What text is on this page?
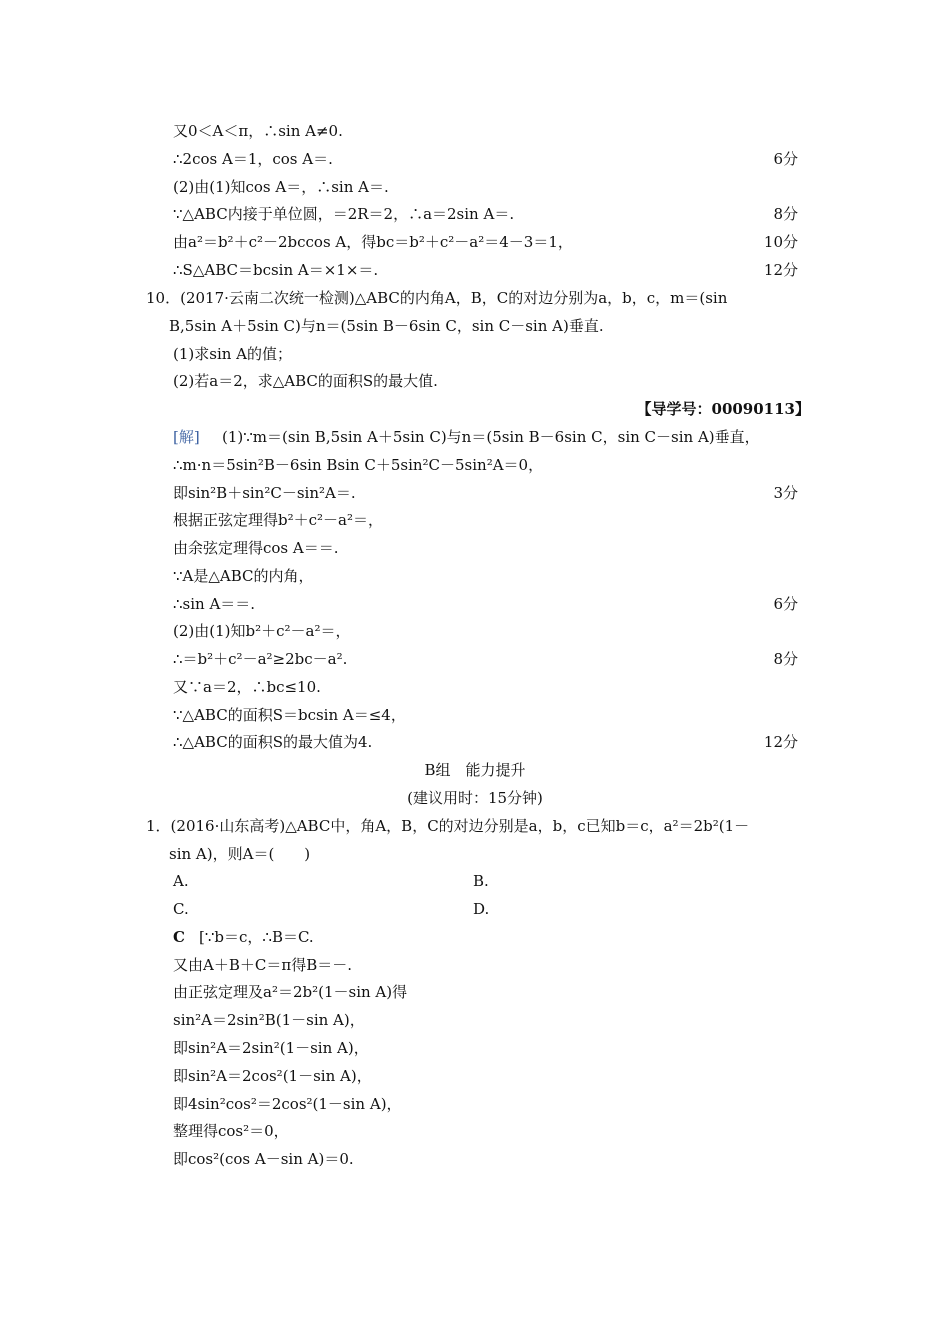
又0＜A＜π，∴sin A≠0.
∴2cos A＝1，cos A＝.	6分
(2)由(1)知cos A＝，∴sin A＝.
∵△ABC内接于单位圆，＝2R＝2，∴a＝2sin A＝.	8分
由a²＝b²＋c²－2bccos A，得bc＝b²＋c²－a²＝4－3＝1，	10分
∴S△ABC＝bcsin A＝×1×＝.	12分
10．(2017·云南二次统一检测)△ABC的内角A，B，C的对边分别为a，b，c，m＝(sin
B,5sin A＋5sin C)与n＝(5sin B－6sin C，sin C－sin A)垂直.
(1)求sin A的值；
(2)若a＝2，求△ABC的面积S的最大值.
【导学号：00090113】
[解] (1)∵m＝(sin B,5sin A＋5sin C)与n＝(5sin B－6sin C，sin C－sin A)垂直，
∴m·n＝5sin²B－6sin Bsin C＋5sin²C－5sin²A＝0，
即sin²B＋sin²C－sin²A＝.	3分
根据正弦定理得b²＋c²－a²＝，
由余弦定理得cos A＝＝.
∵A是△ABC的内角，
∴sin A＝＝.	6分
(2)由(1)知b²＋c²－a²＝，
∴＝b²＋c²－a²≥2bc－a².	8分
又∵a＝2，∴bc≤10.
∵△ABC的面积S＝bcsin A＝≤4，
∴△ABC的面积S的最大值为4.	12分
B组　能力提升
(建议用时：15分钟)
1．(2016·山东高考)△ABC中，角A，B，C的对边分别是a，b，c已知b＝c，a²＝2b²(1－
sin A)，则A＝(　　)
A.	B.
C.	D.
C [∵b＝c，∴B＝C.
又由A＋B＋C＝π得B＝－.
由正弦定理及a²＝2b²(1－sin A)得
sin²A＝2sin²B(1－sin A)，
即sin²A＝2sin²(1－sin A)，
即sin²A＝2cos²(1－sin A)，
即4sin²cos²＝2cos²(1－sin A)，
整理得cos²＝0，
即cos²(cos A－sin A)＝0.
